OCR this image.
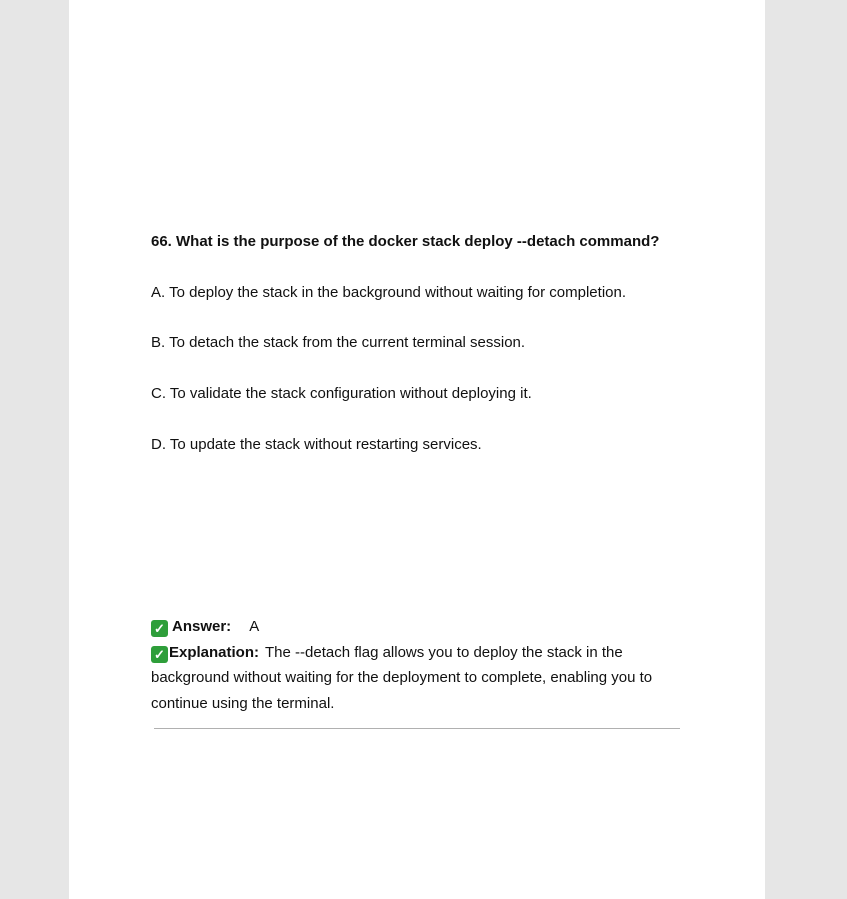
66. What is the purpose of the docker stack deploy --detach command?
A. To deploy the stack in the background without waiting for completion.
B. To detach the stack from the current terminal session.
C. To validate the stack configuration without deploying it.
D. To update the stack without restarting services.
✓ Answer: A
✓ Explanation: The --detach flag allows you to deploy the stack in the background without waiting for the deployment to complete, enabling you to continue using the terminal.
